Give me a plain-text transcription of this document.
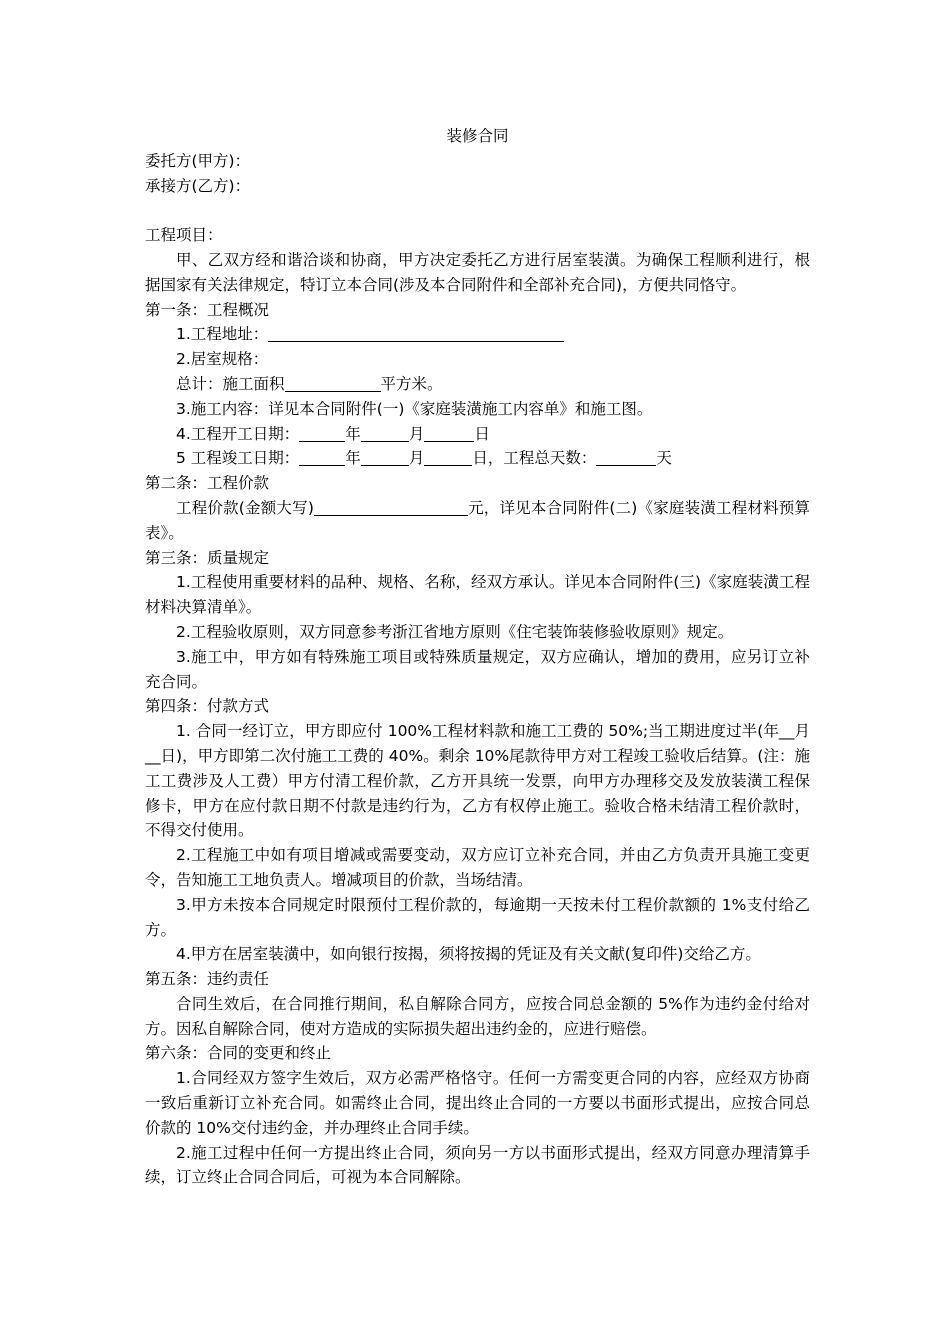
装修合同

委托方(甲方)：

承接方(乙方)：

工程项目：

甲、乙双方经和谐洽谈和协商，甲方决定委托乙方进行居室装潢。为确保工程顺利进行，根据国家有关法律规定，特订立本合同(涉及本合同附件和全部补充合同)，方便共同恪守。

第一条：工程概况

1.工程地址：

2.居室规格：

总计：施工面积	平方米。

3.施工内容：详见本合同附件(一)《家庭装潢施工内容单》和施工图。

4.工程开工日期：	年	月	日

5 工程竣工日期：	年	月	日，工程总天数：	天

第二条：工程价款

工程价款(金额大写)	元，详见本合同附件(二)《家庭装潢工程材料预算表》。

第三条：质量规定

1.工程使用重要材料的品种、规格、名称，经双方承认。详见本合同附件(三)《家庭装潢工程材料决算清单》。

2.工程验收原则，双方同意参考浙江省地方原则《住宅装饰装修验收原则》规定。

3.施工中，甲方如有特殊施工项目或特殊质量规定，双方应确认，增加的费用，应另订立补充合同。

第四条：付款方式

1. 合同一经订立，甲方即应付 100%工程材料款和施工工费的 50%;当工期进度过半(年__月__日)，甲方即第二次付施工工费的 40%。剩余 10%尾款待甲方对工程竣工验收后结算。(注：施工工费涉及人工费）甲方付清工程价款，乙方开具统一发票，向甲方办理移交及发放装潢工程保修卡，甲方在应付款日期不付款是违约行为，乙方有权停止施工。验收合格未结清工程价款时，不得交付使用。

2.工程施工中如有项目增减或需要变动，双方应订立补充合同，并由乙方负责开具施工变更令，告知施工工地负责人。增减项目的价款，当场结清。

3.甲方未按本合同规定时限预付工程价款的，每逾期一天按未付工程价款额的 1%支付给乙方。

4.甲方在居室装潢中，如向银行按揭，须将按揭的凭证及有关文献(复印件)交给乙方。

第五条：违约责任

合同生效后，在合同推行期间，私自解除合同方，应按合同总金额的 5%作为违约金付给对方。因私自解除合同，使对方造成的实际损失超出违约金的，应进行赔偿。

第六条：合同的变更和终止

1.合同经双方签字生效后，双方必需严格恪守。任何一方需变更合同的内容，应经双方协商一致后重新订立补充合同。如需终止合同，提出终止合同的一方要以书面形式提出，应按合同总价款的 10%交付违约金，并办理终止合同手续。

2.施工过程中任何一方提出终止合同，须向另一方以书面形式提出，经双方同意办理清算手续，订立终止合同合同后，可视为本合同解除。
